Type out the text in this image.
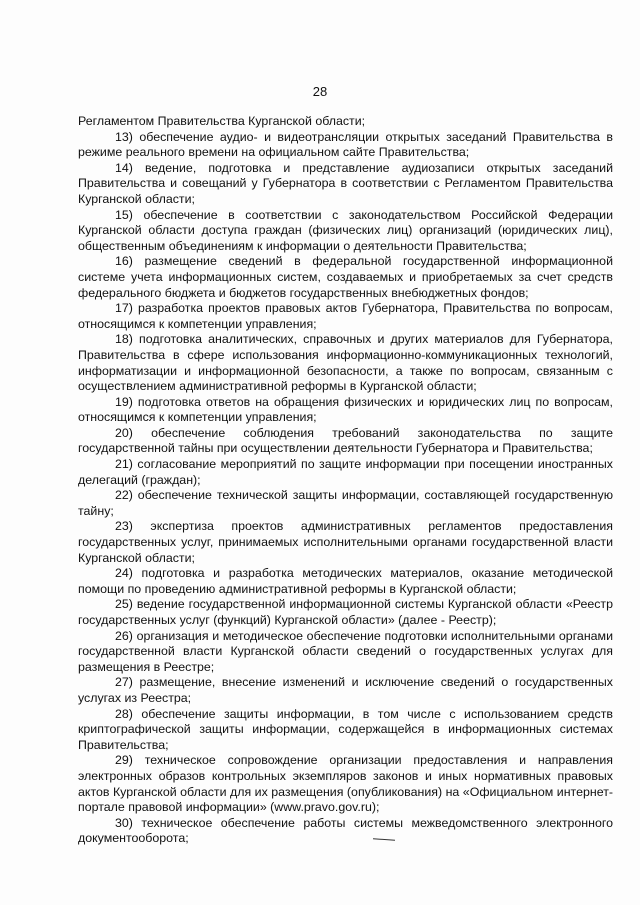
28

Регламентом Правительства Курганской области;

13) обеспечение аудио- и видеотрансляции открытых заседаний Правительства в режиме реального времени на официальном сайте Правительства;

14) ведение, подготовка и представление аудиозаписи открытых заседаний Правительства и совещаний у Губернатора в соответствии с Регламентом Правительства Курганской области;

15) обеспечение в соответствии с законодательством Российской Федерации Курганской области доступа граждан (физических лиц) организаций (юридических лиц), общественным объединениям к информации о деятельности Правительства;

16) размещение сведений в федеральной государственной информационной системе учета информационных систем, создаваемых и приобретаемых за счет средств федерального бюджета и бюджетов государственных внебюджетных фондов;

17) разработка проектов правовых актов Губернатора, Правительства по вопросам, относящимся к компетенции управления;

18) подготовка аналитических, справочных и других материалов для Губернатора, Правительства в сфере использования информационно-коммуникационных технологий, информатизации и информационной безопасности, а также по вопросам, связанным с осуществлением административной реформы в Курганской области;

19) подготовка ответов на обращения физических и юридических лиц по вопросам, относящимся к компетенции управления;

20) обеспечение соблюдения требований законодательства по защите государственной тайны при осуществлении деятельности Губернатора и Правительства;

21) согласование мероприятий по защите информации при посещении иностранных делегаций (граждан);

22) обеспечение технической защиты информации, составляющей государственную тайну;

23) экспертиза проектов административных регламентов предоставления государственных услуг, принимаемых исполнительными органами государственной власти Курганской области;

24) подготовка и разработка методических материалов, оказание методической помощи по проведению административной реформы в Курганской области;

25) ведение государственной информационной системы Курганской области «Реестр государственных услуг (функций) Курганской области» (далее - Реестр);

26) организация и методическое обеспечение подготовки исполнительными органами государственной власти Курганской области сведений о государственных услугах для размещения в Реестре;

27) размещение, внесение изменений и исключение сведений о государственных услугах из Реестра;

28) обеспечение защиты информации, в том числе с использованием средств криптографической защиты информации, содержащейся в информационных системах Правительства;

29) техническое сопровождение организации предоставления и направления электронных образов контрольных экземпляров законов и иных нормативных правовых актов Курганской области для их размещения (опубликования) на «Официальном интернет-портале правовой информации» (www.pravo.gov.ru);

30) техническое обеспечение работы системы межведомственного электронного документооборота;
